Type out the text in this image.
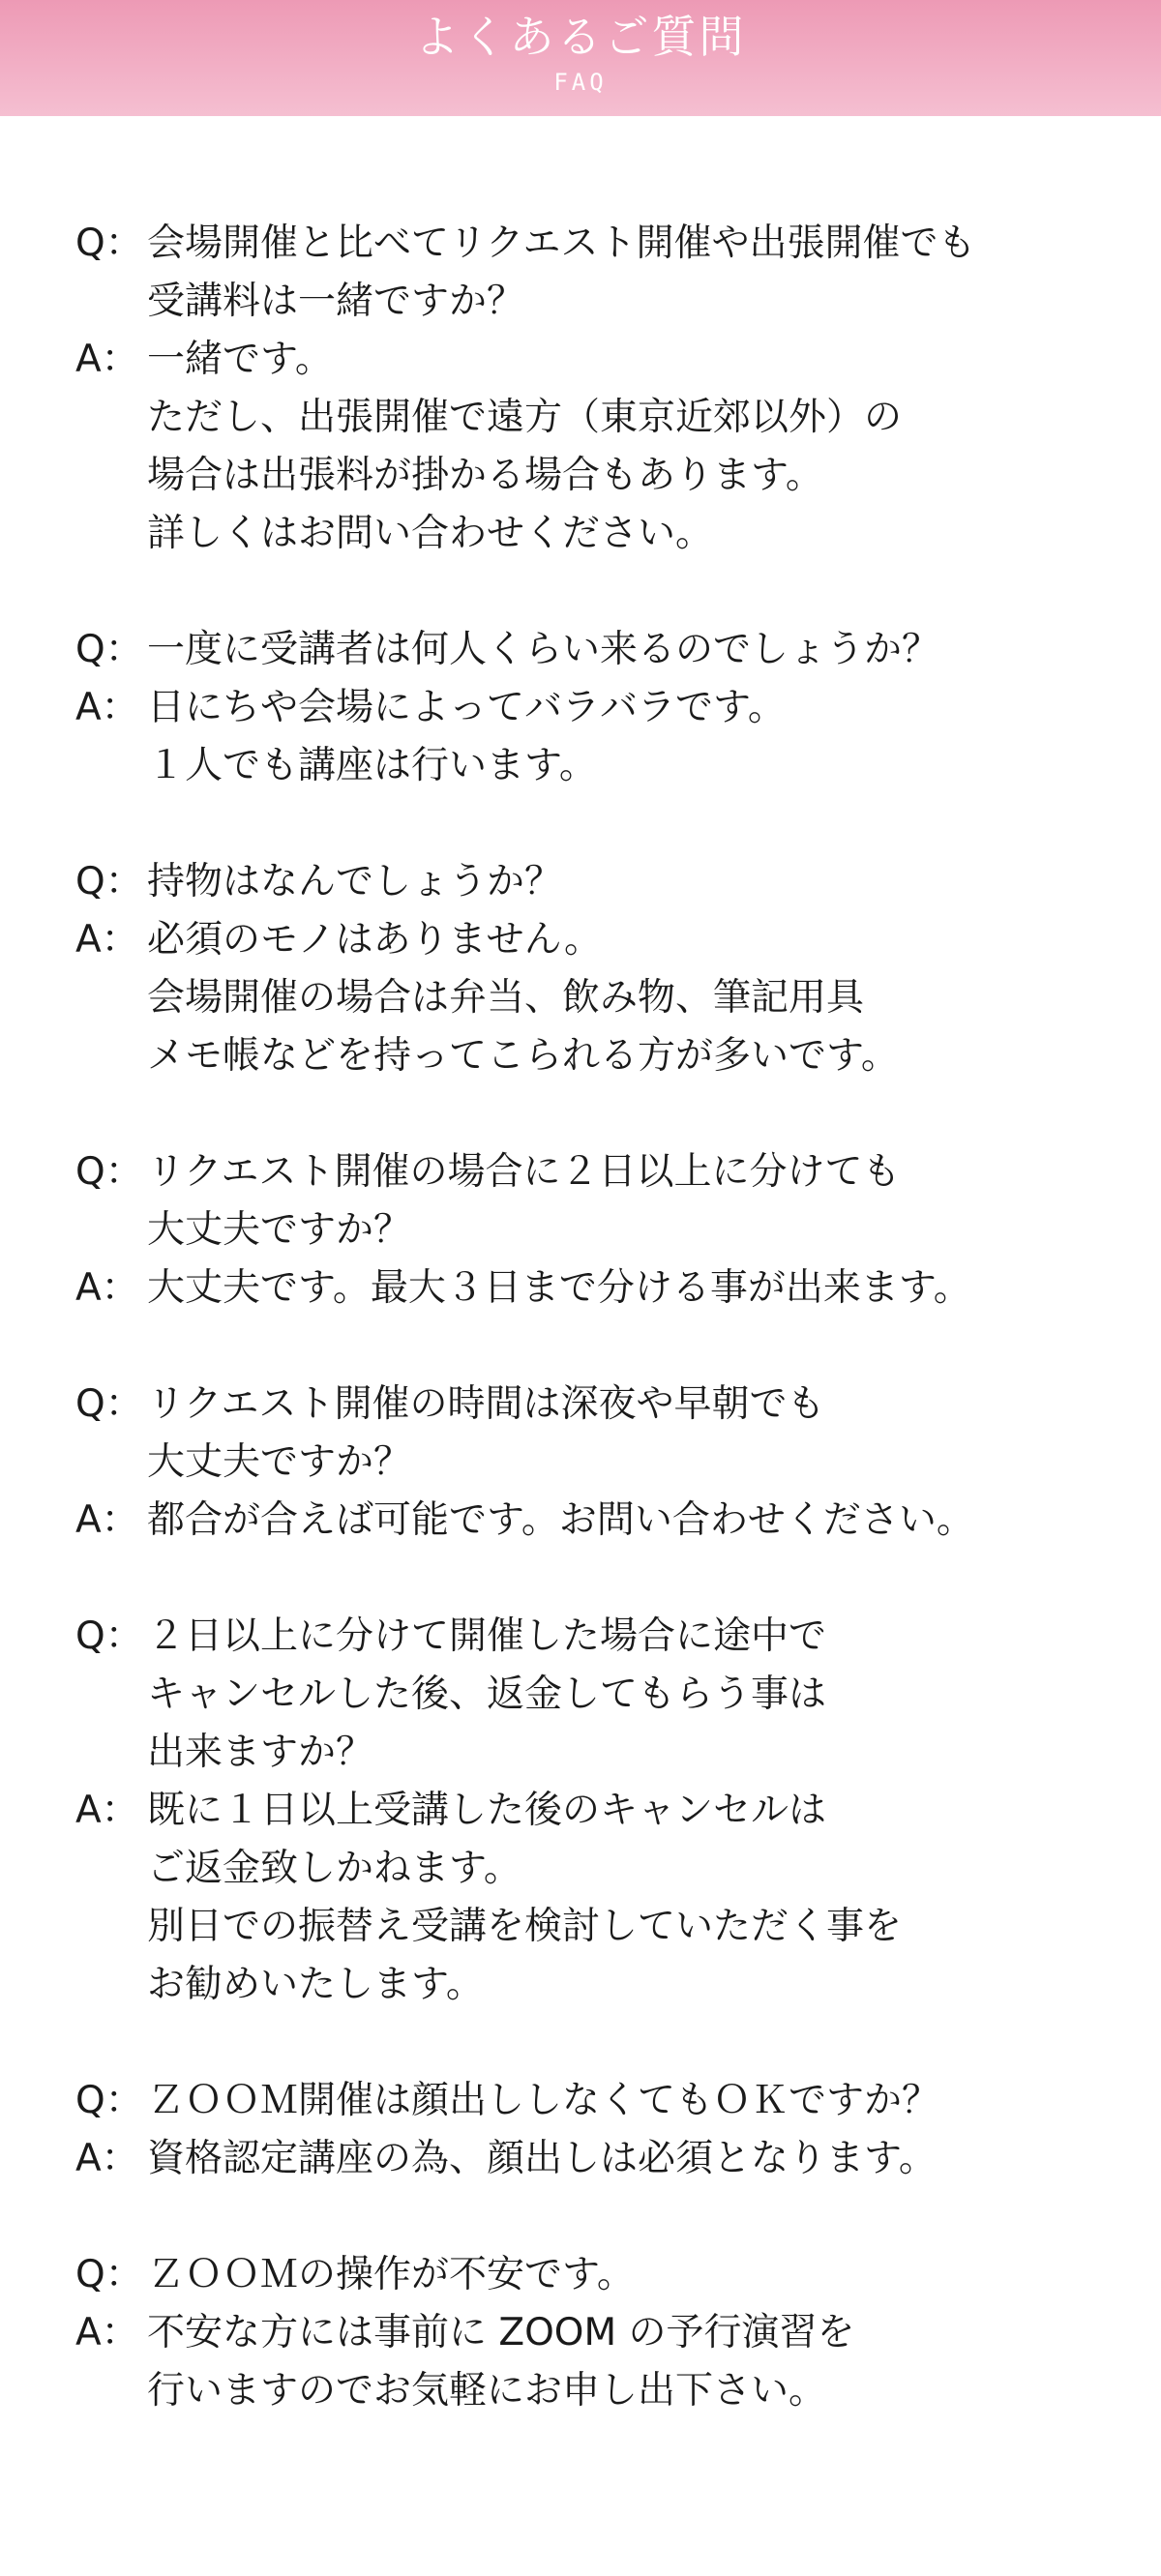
よくあるご質問
FAQ
Q： 会場開催と比べてリクエスト開催や出張開催でも
受講料は一緒ですか？
A： 一緒です。
ただし、出張開催で遠方（東京近郊以外）の
場合は出張料が掛かる場合もあります。
詳しくはお問い合わせください。
Q： 一度に受講者は何人くらい来るのでしょうか？
A： 日にちや会場によってバラバラです。
１人でも講座は行います。
Q： 持物はなんでしょうか？
A： 必須のモノはありません。
会場開催の場合は弁当、飲み物、筆記用具
メモ帳などを持ってこられる方が多いです。
Q： リクエスト開催の場合に２日以上に分けても
大丈夫ですか？
A： 大丈夫です。最大３日まで分ける事が出来ます。
Q： リクエスト開催の時間は深夜や早朝でも
大丈夫ですか？
A： 都合が合えば可能です。お問い合わせください。
Q： ２日以上に分けて開催した場合に途中で
キャンセルした後、返金してもらう事は
出来ますか？
A： 既に１日以上受講した後のキャンセルは
ご返金致しかねます。
別日での振替え受講を検討していただく事を
お勧めいたします。
Q： ＺＯＯＭ開催は顔出ししなくてもＯＫですか？
A： 資格認定講座の為、顔出しは必須となります。
Q： ＺＯＯＭの操作が不安です。
A： 不安な方には事前に ZOOM の予行演習を
行いますのでお気軽にお申し出下さい。
